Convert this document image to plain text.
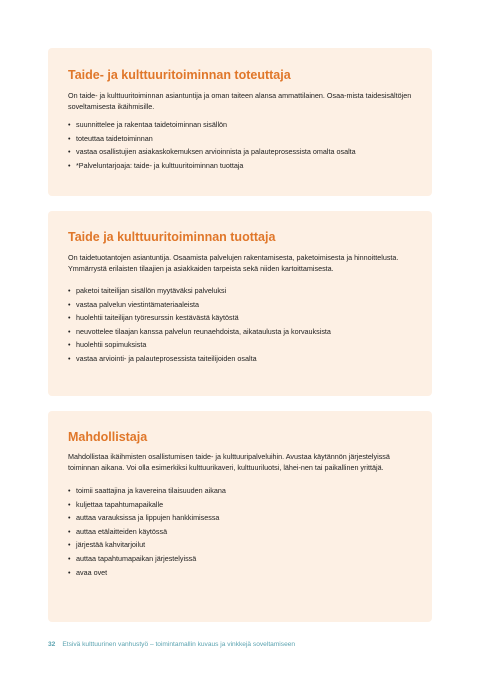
Taide- ja kulttuuritoiminnan toteuttaja

On taide- ja kulttuuritoiminnan asiantuntija ja oman taiteen alansa ammattilainen. Osaa-mista taidesisältöjen soveltamisesta ikäihmisille.

• suunnittelee ja rakentaa taidetoiminnan sisällön
• toteuttaa taidetoiminnan
• vastaa osallistujien asiakaskokemuksen arvioinnista ja palauteprosessista omalta osalta
• *Palveluntarjoaja: taide- ja kulttuuritoiminnan tuottaja
Taide ja kulttuuritoiminnan tuottaja

On taidetuotantojen asiantuntija. Osaamista palvelujen rakentamisesta, paketoimisesta ja hinnoittelusta. Ymmärrystä erilaisten tilaajien ja asiakkaiden tarpeista sekä niiden kartoittamisesta.

• paketoi taiteilijan sisällön myytäväksi palveluksi
• vastaa palvelun viestintämateriaaleista
• huolehtii taiteilijan työresurssin kestävästä käytöstä
• neuvottelee tilaajan kanssa palvelun reunaehdoista, aikataulusta ja korvauksista
• huolehtii sopimuksista
• vastaa arviointi- ja palauteprosessista taiteilijoiden osalta
Mahdollistaja

Mahdollistaa ikäihmisten osallistumisen taide- ja kulttuuripalveluihin. Avustaa käytännön järjestelyissä toiminnan aikana. Voi olla esimerkiksi kulttuurikaveri, kulttuuriluotsi, lähei-nen tai paikallinen yrittäjä.

• toimii saattajina ja kavereina tilaisuuden aikana
• kuljettaa tapahtumapaikalle
• auttaa varauksissa ja lippujen hankkimisessa
• auttaa etälaitteiden käytössä
• järjestää kahvitarjoilut
• auttaa tapahtumapaikan järjestelyissä
• avaa ovet
32 Etsivä kulttuurinen vanhustyö – toimintamallin kuvaus ja vinkkejä soveltamiseen
